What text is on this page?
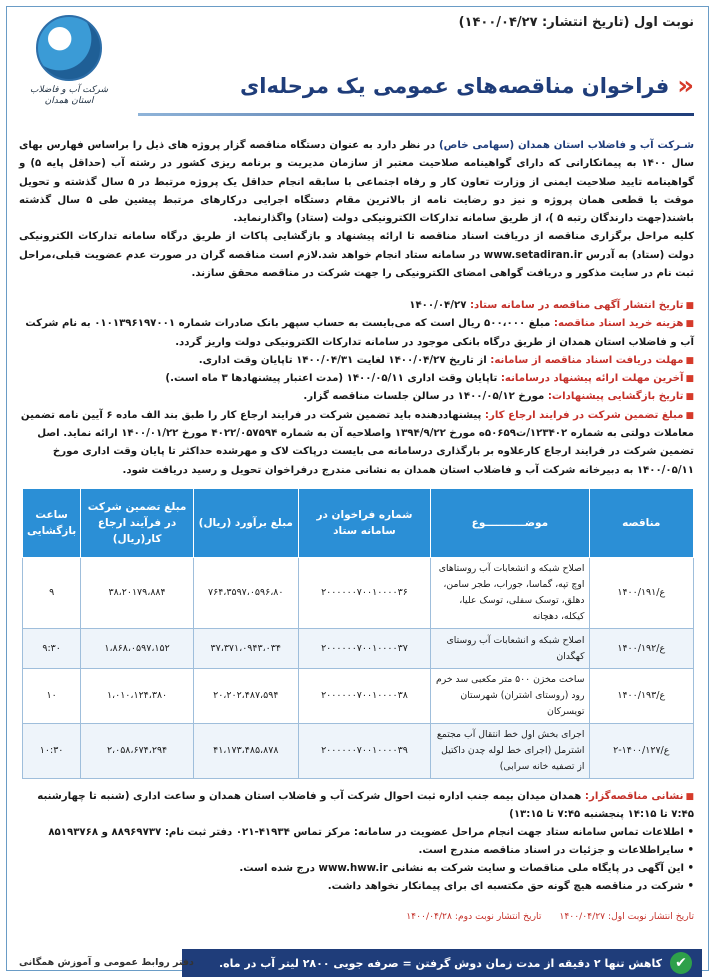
نوبت اول (تاریخ انتشار: ۱۴۰۰/۰۴/۲۷)
شرکت آب و فاضلاب استان همدان	«
فراخوان مناقصه‌های عمومی یک مرحله‌ای
شـرکت آب و فاضلاب استان همدان (سهامی خاص) در نظر دارد به عنوان دستگاه مناقصه گزار پروژه های ذیل را براساس فهارس بهای سال ۱۴۰۰ به پیمانکارانی که دارای گواهینامه صلاحیت معتبر از سازمان مدیریت و برنامه ریزی کشور در رشته آب (حداقل پایه ۵) و گواهینامه تایید صلاحیت ایمنی از وزارت تعاون کار و رفاه اجتماعی با سابقه انجام حداقل یک پروژه مرتبط در ۵ سال گذشته و تحویل موقت یا قطعی همان پروژه و نیز دو رضایت نامه از بالاترین مقام دستگاه اجرایی درکارهای مرتبط پیشین طی ۵ سال گذشته باشند(جهت دارندگان رتبه ۵ )، از طریق سامانه تدارکات الکترونیکی دولت (ستاد) واگذارنماید.
کلیه مراحل برگزاری مناقصه از دریافت اسناد مناقصه تا ارائه پیشنهاد و بازگشایی پاکات از طریق درگاه سامانه تدارکات الکترونیکی دولت (ستاد) به آدرس www.setadiran.ir در سامانه ستاد انجام خواهد شد.لازم است مناقصه گران در صورت عدم عضویت قبلی،مراحل ثبت نام در سایت مذکور و دریافت گواهی امضای الکترونیکی را جهت شرکت در مناقصه محقق سازند.
■تاریخ انتشار آگهی مناقصه در سامانه ستاد: ۱۴۰۰/۰۴/۲۷
■هزینه خرید اسناد مناقصه: مبلغ ۵۰۰،۰۰۰ ریال است که می‌بایست به حساب سپهر بانک صادرات شماره ۰۱۰۱۳۹۶۱۹۷۰۰۱ به نام شرکت آب و فاضلاب استان همدان از طریق درگاه بانکی موجود در سامانه تدارکات الکترونیکی دولت واریز گردد.
■مهلت دریافت اسناد مناقصه از سامانه: از تاریخ ۱۴۰۰/۰۴/۲۷ لغایت ۱۴۰۰/۰۴/۳۱ تاپایان وقت اداری.
■آخرین مهلت ارائه پیشنهاد درسامانه: تاپایان وقت اداری ۱۴۰۰/۰۵/۱۱ (مدت اعتبار پیشنهادها ۳ ماه است.)
■تاریخ بازگشایی پیشنهادات: مورخ ۱۴۰۰/۰۵/۱۲ در سالن جلسات مناقصه گزار.
■مبلغ تضمین شرکت در فرایند ارجاع کار: پیشنهاددهنده باید تضمین شرکت در فرایند ارجاع کار را طبق بند الف ماده ۶ آیین نامه تضمین معاملات دولتی به شماره ۱۲۳۴۰۲/ت۵۰۶۵۹ه مورخ ۱۳۹۴/۹/۲۲ واصلاحیه آن به شماره ۴۰۲۲/۰۵۷۵۹۴ مورخ ۱۴۰۰/۰۱/۲۲ ارائه نماید. اصل تضمین شرکت در فرایند ارجاع کارعلاوه بر بارگذاری درسامانه می بایست درپاکت لاک و مهرشده حداکثر تا پایان وقت اداری مورخ ۱۴۰۰/۰۵/۱۱ به دبیرخانه شرکت آب و فاضلاب استان همدان به نشانی مندرج درفراخوان تحویل و رسید دریافت شود.
مناقصه	موضـــــــــــوع	شماره فراخوان در سامانه ستاد	مبلغ برآورد (ریال)	مبلغ تضمین شرکت در فرآیند ارجاع کار(ریال)	ساعت بازگشایی
ع/۱۴۰۰/۱۹۱	اصلاح شبکه و انشعابات آب روستاهای اوچ تپه، گماسا، جوراب، طجر سامن، دهلق، توسک سفلی، توسک علیا، کیکله، دهچانه	۲۰۰۰۰۰۰۷۰۰۱۰۰۰۰۳۶	۷۶۴،۳۵۹۷،۰۵۹۶،۸۰	۳۸،۲۰۱۷۹،۸۸۴	۹
ع/۱۴۰۰/۱۹۲	اصلاح شبکه و انشعابات آب روستای کهگدان	۲۰۰۰۰۰۰۷۰۰۱۰۰۰۰۳۷	۳۷،۳۷۱،۰۹۴۳،۰۳۴	۱،۸۶۸،۰۵۹۷،۱۵۲	۹:۳۰
ع/۱۴۰۰/۱۹۳	ساخت مخزن ۵۰۰ متر مکعبی سد خرم رود (روستای اشتران) شهرستان تویسرکان	۲۰۰۰۰۰۰۷۰۰۱۰۰۰۰۳۸	۲۰،۲۰۲،۴۸۷،۵۹۴	۱،۰۱۰،۱۲۴،۳۸۰	۱۰
ع/۱۴۰۰/۱۲۷-۲	اجرای بخش اول خط انتقال آب مجتمع اشترمل (اجرای خط لوله چدن داکتیل از تصفیه خانه سرابی)	۲۰۰۰۰۰۰۷۰۰۱۰۰۰۰۳۹	۴۱،۱۷۳،۴۸۵،۸۷۸	۲،۰۵۸،۶۷۴،۲۹۴	۱۰:۳۰
■نشانی مناقصه‌گزار: همدان میدان بیمه جنب اداره ثبت احوال شرکت آب و فاضلاب استان همدان و ساعت اداری (شنبه تا چهارشنبه ۷:۴۵ تا ۱۴:۱۵ پنجشنبه ۷:۴۵ تا ۱۳:۱۵)
• اطلاعات تماس سامانه ستاد جهت انجام مراحل عضویت در سامانه: مرکز تماس ۴۱۹۳۴-۰۲۱ دفتر ثبت نام: ۸۸۹۶۹۷۳۷ و ۸۵۱۹۳۷۶۸
• سایراطلاعات و جزئیات در اسناد مناقصه مندرج است.
• این آگهی در پایگاه ملی مناقصات و سایت شرکت به نشانی www.hww.ir درج شده است.
• شرکت در مناقصه هیچ گونه حق مکتسبه ای برای پیمانکار نخواهد داشت.
تاریخ انتشار نوبت اول: ۱۴۰۰/۰۴/۲۷
تاریخ انتشار نوبت دوم: ۱۴۰۰/۰۴/۲۸
✔
کاهش تنها ۲ دقیقه از مدت زمان دوش گرفتن = صرفه جویی ۲۸۰۰ لیتر آب در ماه.
دفتر روابط عمومی و آموزش همگانی
